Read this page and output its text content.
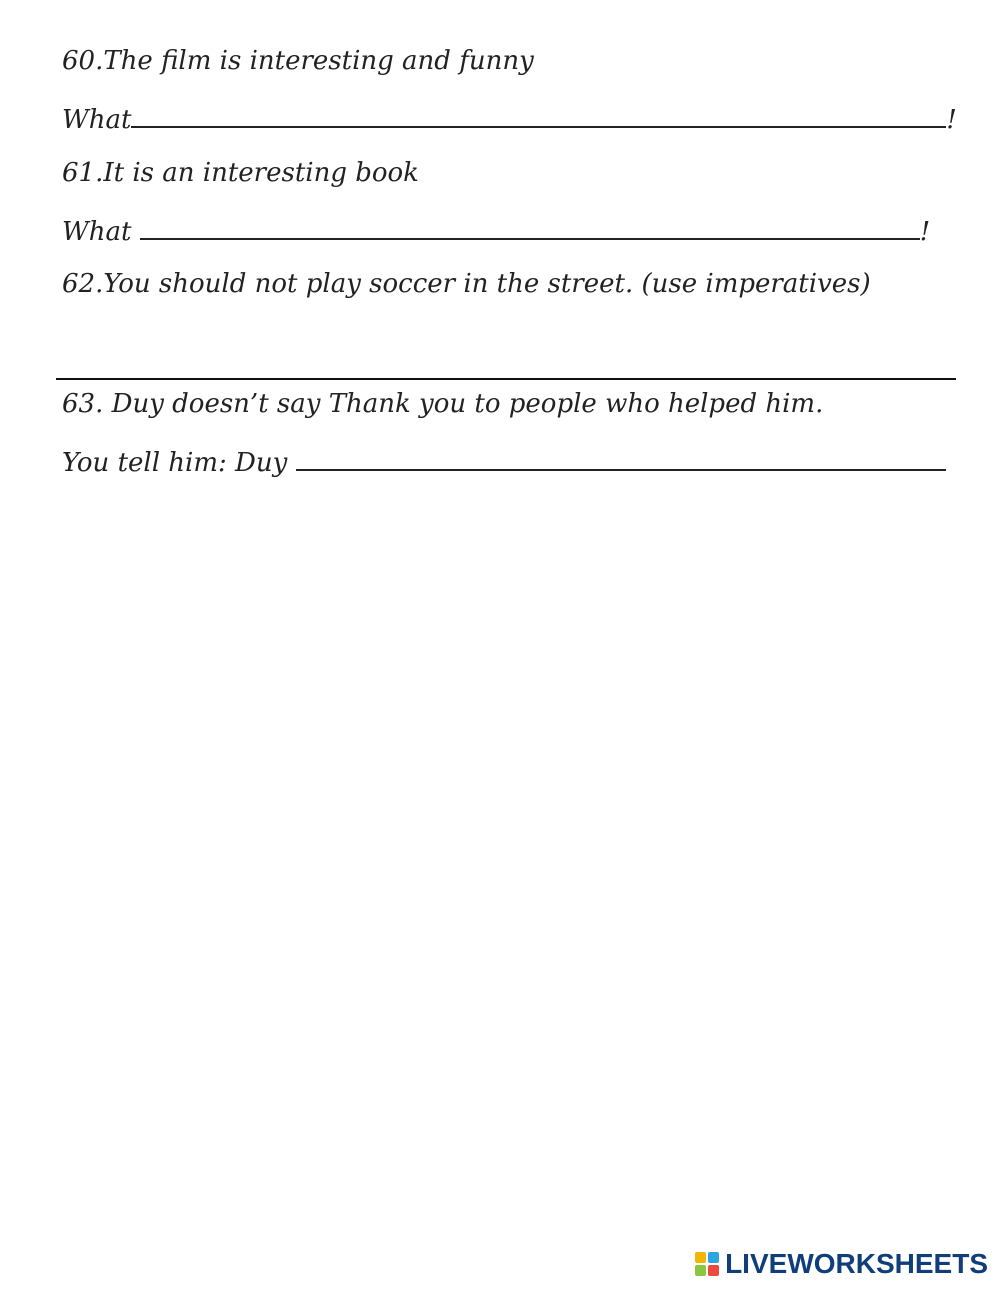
60.The film is interesting and funny
What	!
61.It is an interesting book
What	!
62.You should not play soccer in the street. (use imperatives)
63. Duy doesn’t say Thank you to people who helped him.
You tell him: Duy
LIVEWORKSHEETS
